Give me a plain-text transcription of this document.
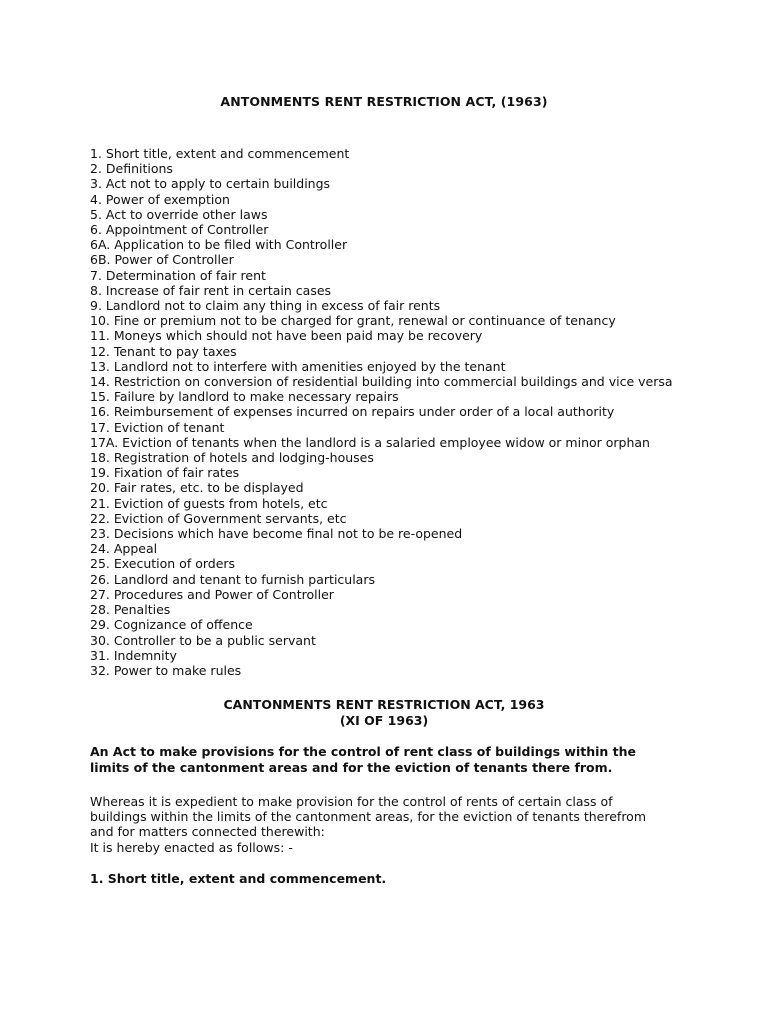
ANTONMENTS RENT RESTRICTION ACT, (1963)
1. Short title, extent and commencement
2. Definitions
3. Act not to apply to certain buildings
4. Power of exemption
5. Act to override other laws
6. Appointment of Controller
6A. Application to be filed with Controller
6B. Power of Controller
7. Determination of fair rent
8. Increase of fair rent in certain cases
9. Landlord not to claim any thing in excess of fair rents
10. Fine or premium not to be charged for grant, renewal or continuance of tenancy
11. Moneys which should not have been paid may be recovery
12. Tenant to pay taxes
13. Landlord not to interfere with amenities enjoyed by the tenant
14. Restriction on conversion of residential building into commercial buildings and vice versa
15. Failure by landlord to make necessary repairs
16. Reimbursement of expenses incurred on repairs under order of a local authority
17. Eviction of tenant
17A. Eviction of tenants when the landlord is a salaried employee widow or minor orphan
18. Registration of hotels and lodging-houses
19. Fixation of fair rates
20. Fair rates, etc. to be displayed
21. Eviction of guests from hotels, etc
22. Eviction of Government servants, etc
23. Decisions which have become final not to be re-opened
24. Appeal
25. Execution of orders
26. Landlord and tenant to furnish particulars
27. Procedures and Power of Controller
28. Penalties
29. Cognizance of offence
30. Controller to be a public servant
31. Indemnity
32. Power to make rules
CANTONMENTS RENT RESTRICTION ACT, 1963
(XI OF 1963)
An Act to make provisions for the control of rent class of buildings within the
limits of the cantonment areas and for the eviction of tenants there from.
Whereas it is expedient to make provision for the control of rents of certain class of
buildings within the limits of the cantonment areas, for the eviction of tenants therefrom
and for matters connected therewith:
It is hereby enacted as follows: -
1. Short title, extent and commencement.
